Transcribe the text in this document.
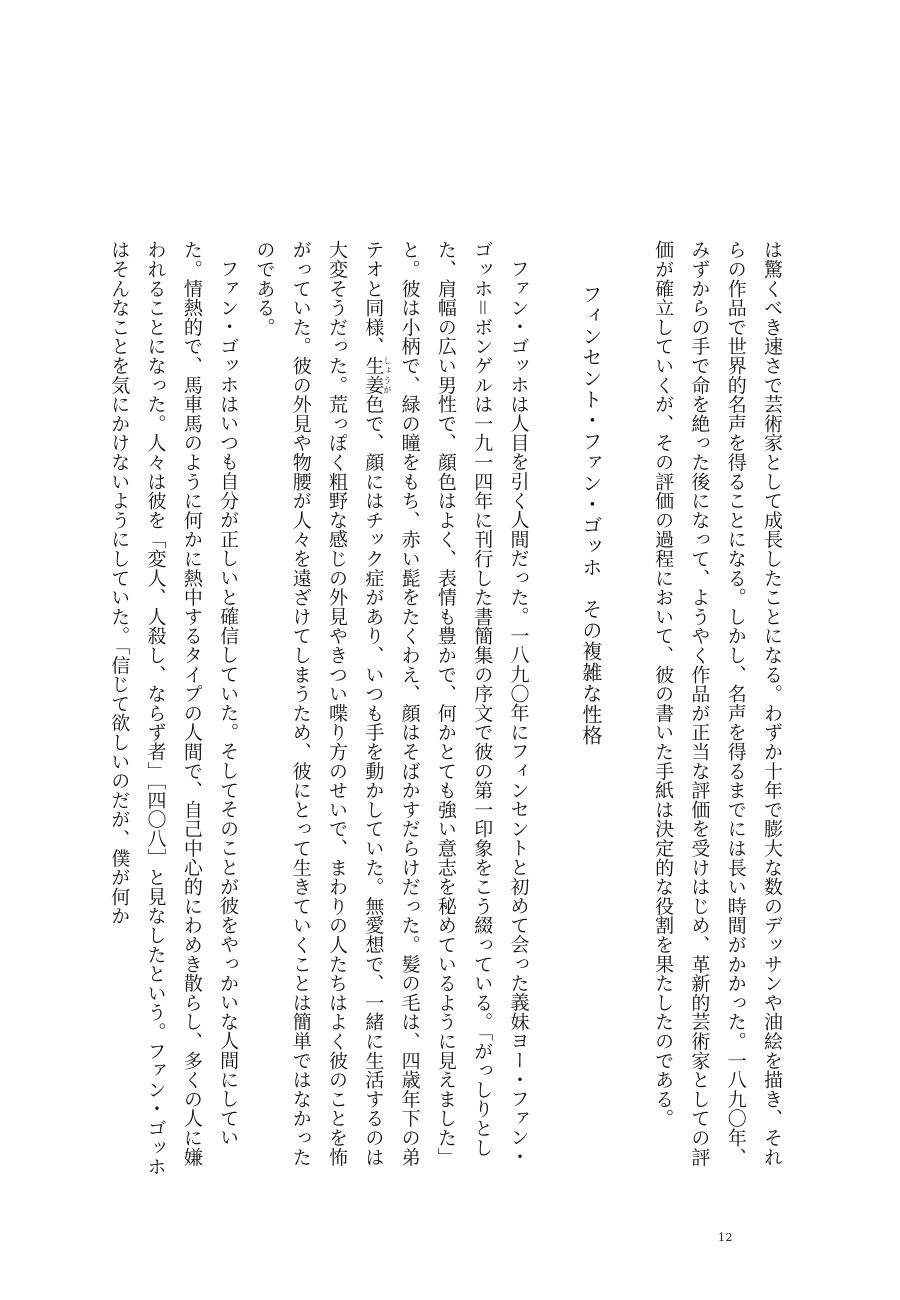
は驚くべき速さで芸術家として成長したことになる。わずか十年で膨大な数のデッサンや油絵を描き、それらの作品で世界的名声を得ることになる。しかし、名声を得るまでには長い時間がかかった。一八九〇年、みずからの手で命を絶った後になって、ようやく作品が正当な評価を受けはじめ、革新的芸術家としての評価が確立していくが、その評価の過程において、彼の書いた手紙は決定的な役割を果たしたのである。

フィンセント・ファン・ゴッホ　その複雑な性格

ファン・ゴッホは人目を引く人間だった。一八九〇年にフィンセントと初めて会った義妹ヨー・ファン・ゴッホ＝ボンゲルは一九一四年に刊行した書簡集の序文で彼の第一印象をこう綴っている。「がっしりとした、肩幅の広い男性で、顔色はよく、表情も豊かで、何かとても強い意志を秘めているように見えました」と。彼は小柄で、緑の瞳をもち、赤い髭をたくわえ、顔はそばかすだらけだった。髪の毛は、四歳年下の弟テオと同様、生姜しょうが色で、顔にはチック症があり、いつも手を動かしていた。無愛想で、一緒に生活するのは大変そうだった。荒っぽく粗野な感じの外見やきつい喋り方のせいで、まわりの人たちはよく彼のことを怖がっていた。彼の外見や物腰が人々を遠ざけてしまうため、彼にとって生きていくことは簡単ではなかったのである。

ファン・ゴッホはいつも自分が正しいと確信していた。そしてそのことが彼をやっかいな人間にしていた。情熱的で、馬車馬のように何かに熱中するタイプの人間で、自己中心的にわめき散らし、多くの人に嫌われることになった。人々は彼を「変人、人殺し、ならず者」［四〇八］と見なしたという。ファン・ゴッホはそんなことを気にかけないようにしていた。「信じて欲しいのだが、僕が何か

12
